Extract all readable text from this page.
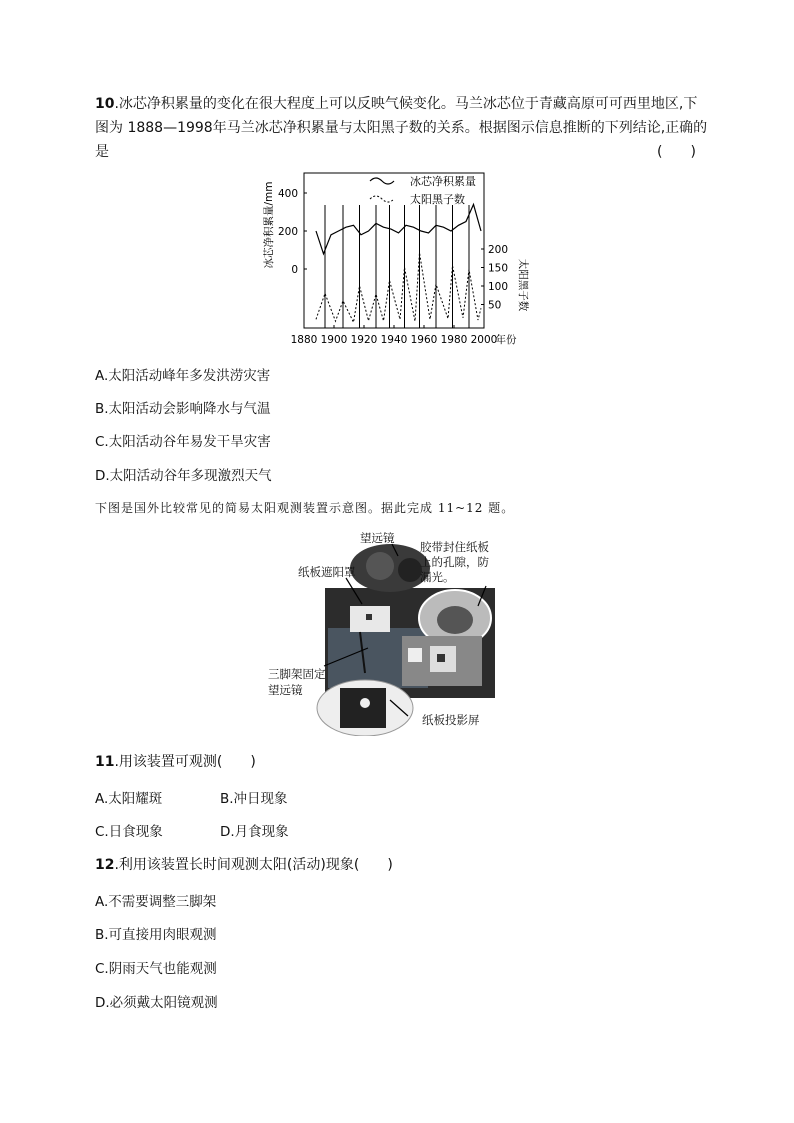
10.冰芯净积累量的变化在很大程度上可以反映气候变化。马兰冰芯位于青藏高原可可西里地区,下
图为 1888—1998年马兰冰芯净积累量与太阳黑子数的关系。根据图示信息推断的下列结论,正确的
是	(　　)
1880 1900 1920 1940 1960 1980 2000
年份
400
200
0
200
150
100
50
冰芯净积累量/mm
太阳黑子数
冰芯净积累量
太阳黑子数
A.太阳活动峰年多发洪涝灾害
B.太阳活动会影响降水与气温
C.太阳活动谷年易发干旱灾害
D.太阳活动谷年多现激烈天气
下图是国外比较常见的简易太阳观测装置示意图。据此完成 11~12 题。
望远镜
纸板遮阳罩
胶带封住纸板
上的孔隙，防
漏光。
三脚架固定
望远镜
纸板投影屏
11.用该装置可观测(　　)
A.太阳耀斑	B.冲日现象
C.日食现象	D.月食现象
12.利用该装置长时间观测太阳(活动)现象(　　)
A.不需要调整三脚架
B.可直接用肉眼观测
C.阴雨天气也能观测
D.必须戴太阳镜观测
